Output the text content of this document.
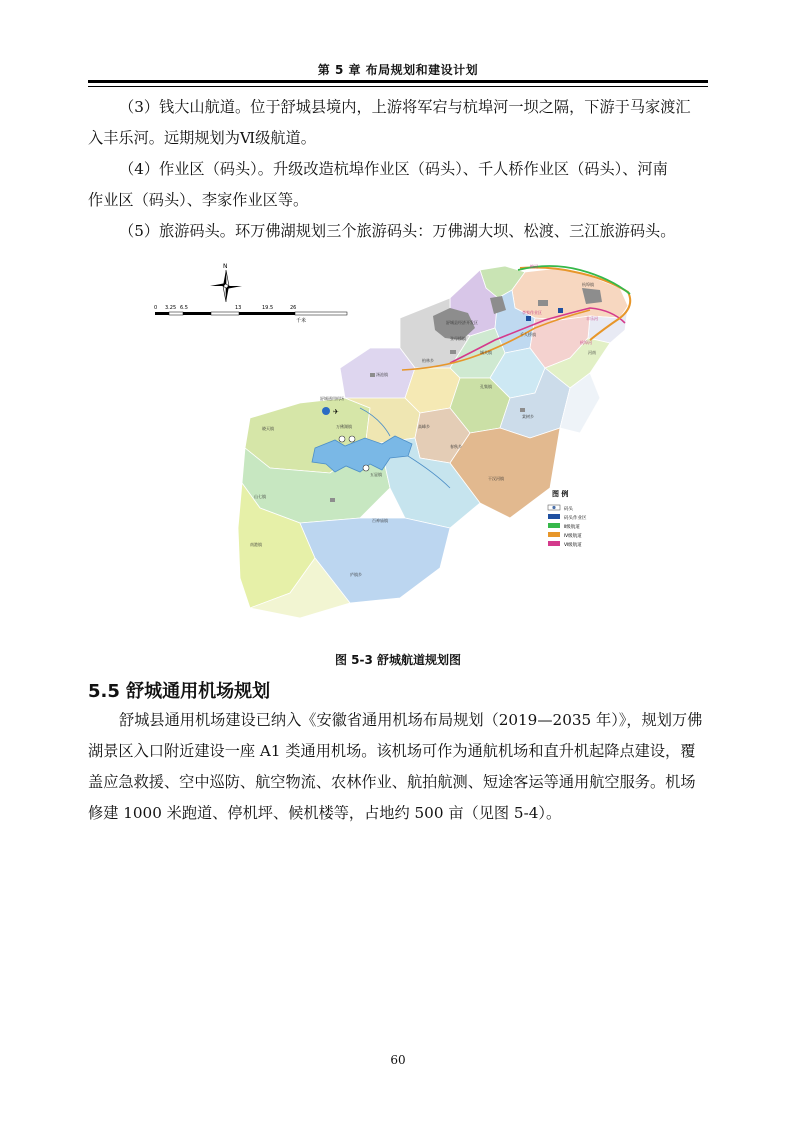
第 5 章 布局规划和建设计划

（3）钱大山航道。位于舒城县境内，上游将军宕与杭埠河一坝之隔，下游于马家渡汇
入丰乐河。远期规划为Ⅵ级航道。

（4）作业区（码头）。升级改造杭埠作业区（码头）、千人桥作业区（码头）、河南
作业区（码头）、李家作业区等。

（5）旅游码头。环万佛湖规划三个旅游码头：万佛湖大坝、松渡、三江旅游码头。

N
0 3.25 6.5	13	19.5	26
千米
✈
舒城县经济开发区
杭埠镇
城关镇
千人桥镇
河南
张母桥镇
柏林乡
舒城通用机场
万佛湖镇
汤池镇
晓天镇
山七镇
南港镇
五显镇
高峰乡
庐镇乡
春秋乡
干汊河镇
棠树乡
孔集镇
百神庙镇
丰乐河
杭埠河
梅河
李家作业区
图 例
码头
码头作业区
Ⅱ级航道
Ⅳ级航道
Ⅵ级航道
图 5-3 舒城航道规划图
5.5 舒城通用机场规划

舒城县通用机场建设已纳入《安徽省通用机场布局规划（2019—2035 年）》，规划万佛
湖景区入口附近建设一座 A1 类通用机场。该机场可作为通航机场和直升机起降点建设，覆
盖应急救援、空中巡防、航空物流、农林作业、航拍航测、短途客运等通用航空服务。机场
修建 1000 米跑道、停机坪、候机楼等，占地约 500 亩（见图 5-4）。

60
